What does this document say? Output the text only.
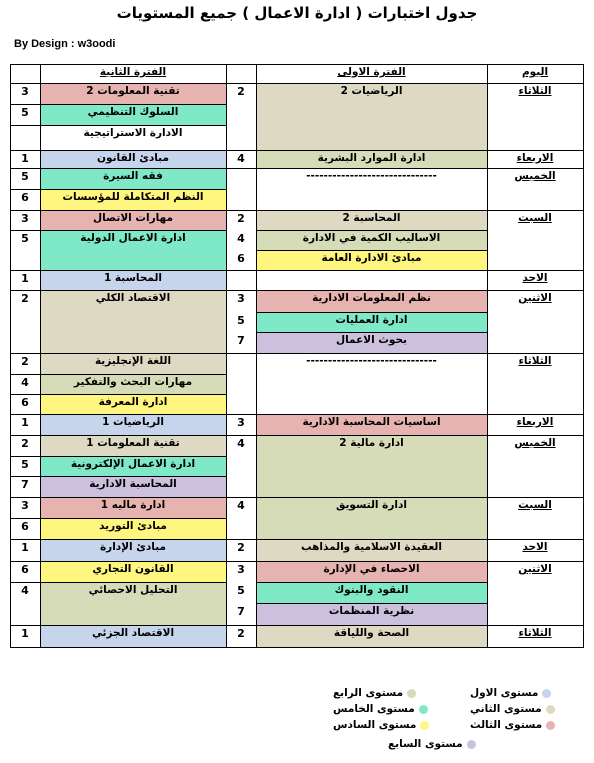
جدول اختبارات ( ادارة الاعمال ) جميع المستويات
By Design : w3oodi
اليوم
الفترة الاولى
الفترة الثانية
الثلاثاء
الاربعاء
الخميس
السبت
الاحد
الاثنين
الثلاثاء
الاربعاء
الخميس
السبت
الاحد
الاثنين
الثلاثاء
الرياضيات 2
2
ادارة الموارد البشرية
4
------------------------------
المحاسبة 2
2
الاساليب الكمية في الادارة
4
مبادئ الادارة العامة
6
نظم المعلومات الادارية
3
ادارة العمليات
5
بحوث الاعمال
7
------------------------------
اساسيات المحاسبة الادارية
3
ادارة مالية 2
4
ادارة التسويق
4
العقيدة الاسلامية والمذاهب
2
الاحصاء في الإدارة
3
النقود والبنوك
5
نظرية المنظمات
7
الصحة واللياقة
2
تقنية المعلومات 2
3
السلوك التنظيمي
5
الادارة الاستراتيجية
مبادئ القانون
1
فقه السيرة
5
النظم المتكاملة للمؤسسات
6
مهارات الاتصال
3
ادارة الاعمال الدولية
5
المحاسبة 1
1
الاقتصاد الكلي
2
اللغة الإنجليزية
2
مهارات البحث والتفكير
4
ادارة المعرفة
6
الرياضيات 1
1
تقنية المعلومات 1
2
ادارة الاعمال الإلكترونية
5
المحاسبة الادارية
7
ادارة ماليه 1
3
مبادئ التوريد
6
مبادئ الإدارة
1
القانون التجاري
6
التحليل الاحصائي
4
الاقتصاد الجزئي
1
مستوى الاول
مستوى الثاني
مستوى الثالث
مستوى الرابع
مستوى الخامس
مستوى السادس
مستوى السابع
